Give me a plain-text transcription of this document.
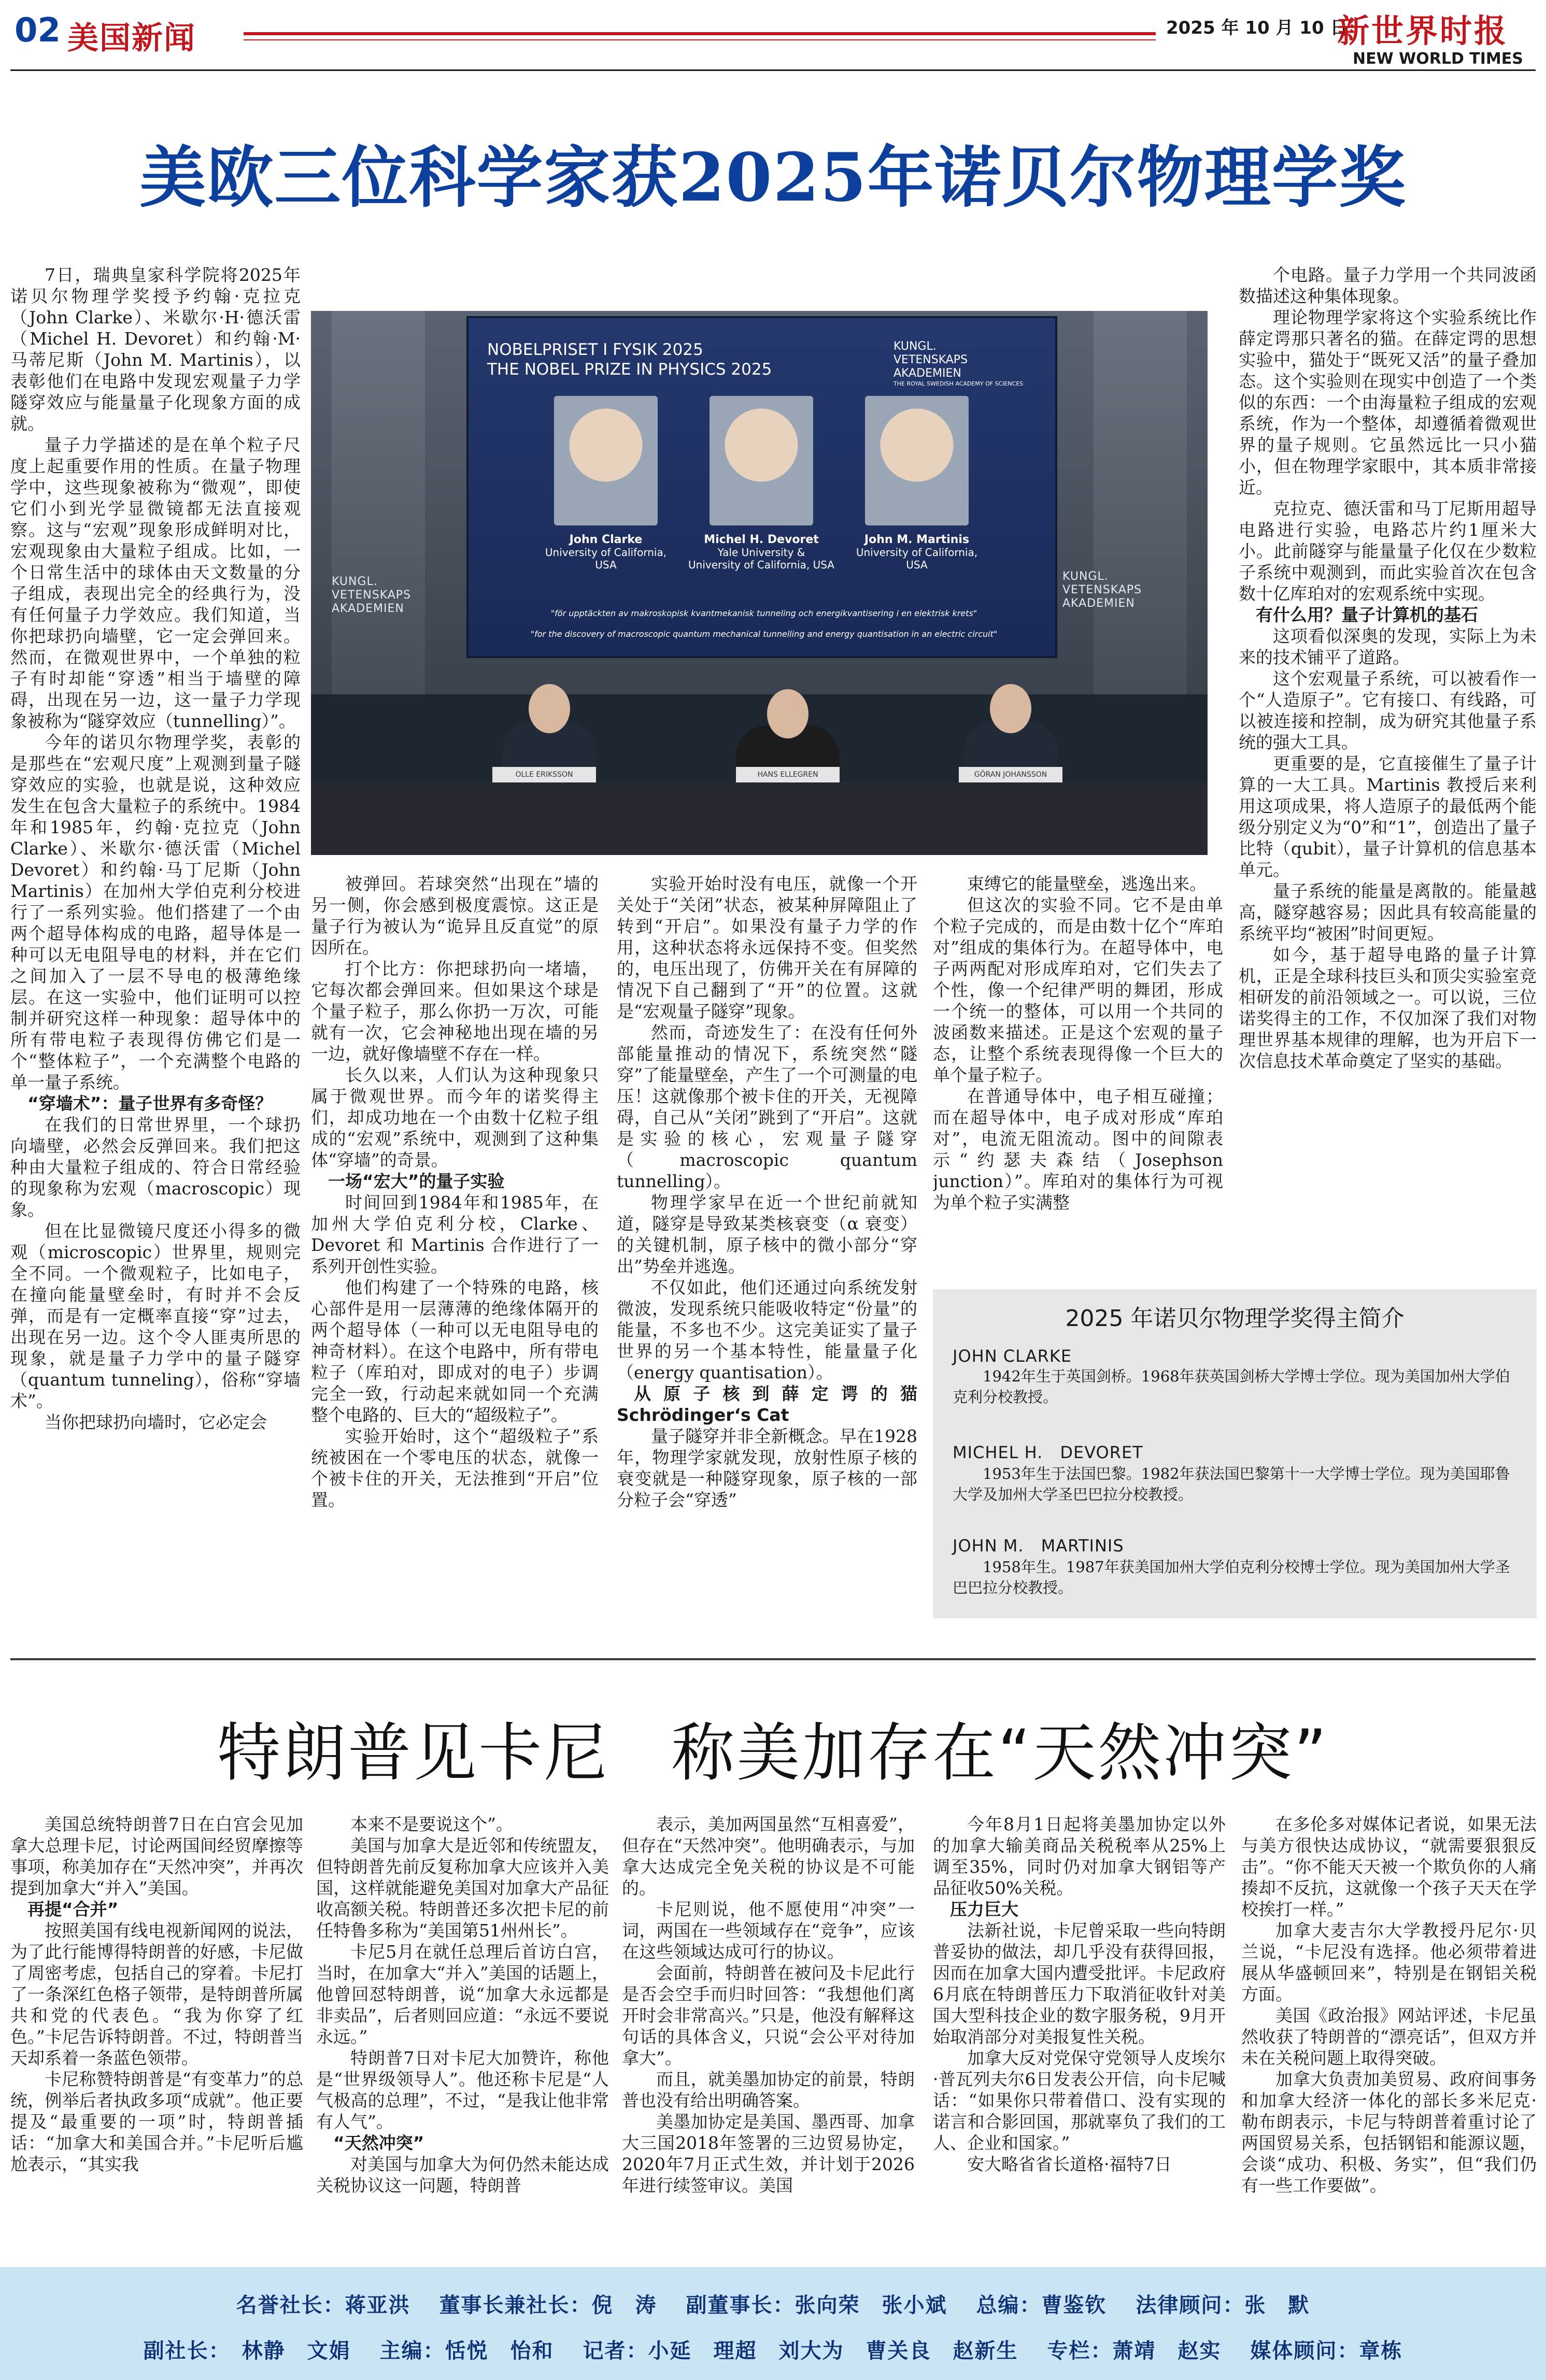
02 美国新闻	2025 年 10 月 10 日
新世界时报
NEW WORLD TIMES
美欧三位科学家获2025年诺贝尔物理学奖

7日，瑞典皇家科学院将2025年诺贝尔物理学奖授予约翰·克拉克（John Clarke）、米歇尔·H·德沃雷（Michel H. Devoret）和约翰·M·马蒂尼斯（John M. Martinis），以表彰他们在电路中发现宏观量子力学隧穿效应与能量量子化现象方面的成就。

量子力学描述的是在单个粒子尺度上起重要作用的性质。在量子物理学中，这些现象被称为“微观”，即使它们小到光学显微镜都无法直接观察。这与“宏观”现象形成鲜明对比，宏观现象由大量粒子组成。比如，一个日常生活中的球体由天文数量的分子组成，表现出完全的经典行为，没有任何量子力学效应。我们知道，当你把球扔向墙壁，它一定会弹回来。然而，在微观世界中，一个单独的粒子有时却能“穿透”相当于墙壁的障碍，出现在另一边，这一量子力学现象被称为“隧穿效应（tunnelling）”。

今年的诺贝尔物理学奖，表彰的是那些在“宏观尺度”上观测到量子隧穿效应的实验，也就是说，这种效应发生在包含大量粒子的系统中。1984年和1985年，约翰·克拉克（John Clarke）、米歇尔·德沃雷（Michel Devoret）和约翰·马丁尼斯（John Martinis）在加州大学伯克利分校进行了一系列实验。他们搭建了一个由两个超导体构成的电路，超导体是一种可以无电阻导电的材料，并在它们之间加入了一层不导电的极薄绝缘层。在这一实验中，他们证明可以控制并研究这样一种现象：超导体中的所有带电粒子表现得仿佛它们是一个“整体粒子”，一个充满整个电路的单一量子系统。

“穿墙术”：量子世界有多奇怪？

在我们的日常世界里，一个球扔向墙壁，必然会反弹回来。我们把这种由大量粒子组成的、符合日常经验的现象称为宏观（macroscopic）现象。

但在比显微镜尺度还小得多的微观（microscopic）世界里，规则完全不同。一个微观粒子，比如电子，在撞向能量壁垒时，有时并不会反弹，而是有一定概率直接“穿”过去，出现在另一边。这个令人匪夷所思的现象，就是量子力学中的量子隧穿（quantum tunneling），俗称“穿墙术”。

当你把球扔向墙时，它必定会

NOBELPRISET I FYSIK 2025
THE NOBEL PRIZE IN PHYSICS 2025
KUNGL.
VETENSKAPS
AKADEMIEN
THE ROYAL SWEDISH ACADEMY OF SCIENCES
John Clarke
University of California,
USA
Michel H. Devoret
Yale University &
University of California, USA
John M. Martinis
University of California,
USA
"för upptäckten av makroskopisk kvantmekanisk tunneling och energikvantisering i en elektrisk krets"
"for the discovery of macroscopic quantum mechanical tunnelling and energy quantisation in an electric circuit"
KUNGL.
VETENSKAPS
AKADEMIEN
KUNGL.
VETENSKAPS
AKADEMIEN
OLLE ERIKSSON	HANS ELLEGREN	GÖRAN JOHANSSON

被弹回。若球突然“出现在”墙的另一侧，你会感到极度震惊。这正是量子行为被认为“诡异且反直觉”的原因所在。

打个比方：你把球扔向一堵墙，它每次都会弹回来。但如果这个球是个量子粒子，那么你扔一万次，可能就有一次，它会神秘地出现在墙的另一边，就好像墙壁不存在一样。

长久以来，人们认为这种现象只属于微观世界。而今年的诺奖得主们，却成功地在一个由数十亿粒子组成的“宏观”系统中，观测到了这种集体“穿墙”的奇景。

一场“宏大”的量子实验

时间回到1984年和1985年，在加州大学伯克利分校，Clarke、Devoret 和 Martinis 合作进行了一系列开创性实验。

他们构建了一个特殊的电路，核心部件是用一层薄薄的绝缘体隔开的两个超导体（一种可以无电阻导电的神奇材料）。在这个电路中，所有带电粒子（库珀对，即成对的电子）步调完全一致，行动起来就如同一个充满整个电路的、巨大的“超级粒子”。

实验开始时，这个“超级粒子”系统被困在一个零电压的状态，就像一个被卡住的开关，无法推到“开启”位置。

实验开始时没有电压，就像一个开关处于“关闭”状态，被某种屏障阻止了转到“开启”。如果没有量子力学的作用，这种状态将永远保持不变。但奖然的，电压出现了，仿佛开关在有屏障的情况下自己翻到了“开”的位置。这就是“宏观量子隧穿”现象。

然而，奇迹发生了：在没有任何外部能量推动的情况下，系统突然“隧穿”了能量壁垒，产生了一个可测量的电压！这就像那个被卡住的开关，无视障碍，自己从“关闭”跳到了“开启”。这就是实验的核心，宏观量子隧穿（macroscopic quantum tunnelling）。

物理学家早在近一个世纪前就知道，隧穿是导致某类核衰变（α 衰变）的关键机制，原子核中的微小部分“穿出”势垒并逃逸。

不仅如此，他们还通过向系统发射微波，发现系统只能吸收特定“份量”的能量，不多也不少。这完美证实了量子世界的另一个基本特性，能量量子化（energy quantisation）。

从原子核到薛定谔的猫 Schrödinger‘s Cat

量子隧穿并非全新概念。早在1928年，物理学家就发现，放射性原子核的衰变就是一种隧穿现象，原子核的一部分粒子会“穿透”

束缚它的能量壁垒，逃逸出来。

但这次的实验不同。它不是由单个粒子完成的，而是由数十亿个“库珀对”组成的集体行为。在超导体中，电子两两配对形成库珀对，它们失去了个性，像一个纪律严明的舞团，形成一个统一的整体，可以用一个共同的波函数来描述。正是这个宏观的量子态，让整个系统表现得像一个巨大的单个量子粒子。

在普通导体中，电子相互碰撞；而在超导体中，电子成对形成“库珀对”，电流无阻流动。图中的间隙表示“约瑟夫森结（Josephson junction）”。库珀对的集体行为可视为单个粒子实满整

个电路。量子力学用一个共同波函数描述这种集体现象。

理论物理学家将这个实验系统比作薛定谔那只著名的猫。在薛定谔的思想实验中，猫处于“既死又活”的量子叠加态。这个实验则在现实中创造了一个类似的东西：一个由海量粒子组成的宏观系统，作为一个整体，却遵循着微观世界的量子规则。它虽然远比一只小猫小，但在物理学家眼中，其本质非常接近。

克拉克、德沃雷和马丁尼斯用超导电路进行实验，电路芯片约1厘米大小。此前隧穿与能量量子化仅在少数粒子系统中观测到，而此实验首次在包含数十亿库珀对的宏观系统中实现。

有什么用？量子计算机的基石

这项看似深奥的发现，实际上为未来的技术铺平了道路。

这个宏观量子系统，可以被看作一个“人造原子”。它有接口、有线路，可以被连接和控制，成为研究其他量子系统的强大工具。

更重要的是，它直接催生了量子计算的一大工具。Martinis 教授后来利用这项成果，将人造原子的最低两个能级分别定义为“0”和“1”，创造出了量子比特（qubit），量子计算机的信息基本单元。

量子系统的能量是离散的。能量越高，隧穿越容易；因此具有较高能量的系统平均“被困”时间更短。

如今，基于超导电路的量子计算机，正是全球科技巨头和顶尖实验室竞相研发的前沿领域之一。可以说，三位诺奖得主的工作，不仅加深了我们对物理世界基本规律的理解，也为开启下一次信息技术革命奠定了坚实的基础。

2025 年诺贝尔物理学奖得主简介
JOHN CLARKE
1942年生于英国剑桥。1968年获英国剑桥大学博士学位。现为美国加州大学伯克利分校教授。
MICHEL H.　DEVORET
1953年生于法国巴黎。1982年获法国巴黎第十一大学博士学位。现为美国耶鲁大学及加州大学圣巴巴拉分校教授。
JOHN M.　MARTINIS
1958年生。1987年获美国加州大学伯克利分校博士学位。现为美国加州大学圣巴巴拉分校教授。
特朗普见卡尼 称美加存在“天然冲突”

美国总统特朗普7日在白宫会见加拿大总理卡尼，讨论两国间经贸摩擦等事项，称美加存在“天然冲突”，并再次提到加拿大“并入”美国。

再提“合并”

按照美国有线电视新闻网的说法，为了此行能博得特朗普的好感，卡尼做了周密考虑，包括自己的穿着。卡尼打了一条深红色格子领带，是特朗普所属共和党的代表色。“我为你穿了红色。”卡尼告诉特朗普。不过，特朗普当天却系着一条蓝色领带。

卡尼称赞特朗普是“有变革力”的总统，例举后者执政多项“成就”。他正要提及“最重要的一项”时，特朗普插话：“加拿大和美国合并。”卡尼听后尴尬表示，“其实我

本来不是要说这个”。

美国与加拿大是近邻和传统盟友，但特朗普先前反复称加拿大应该并入美国，这样就能避免美国对加拿大产品征收高额关税。特朗普还多次把卡尼的前任特鲁多称为“美国第51州州长”。

卡尼5月在就任总理后首访白宫，当时，在加拿大“并入”美国的话题上，他曾回怼特朗普，说“加拿大永远都是非卖品”，后者则回应道：“永远不要说永远。”

特朗普7日对卡尼大加赞许，称他是“世界级领导人”。他还称卡尼是“人气极高的总理”，不过，“是我让他非常有人气”。

“天然冲突”

对美国与加拿大为何仍然未能达成关税协议这一问题，特朗普

表示，美加两国虽然“互相喜爱”，但存在“天然冲突”。他明确表示，与加拿大达成完全免关税的协议是不可能的。

卡尼则说，他不愿使用“冲突”一词，两国在一些领域存在“竞争”，应该在这些领域达成可行的协议。

会面前，特朗普在被问及卡尼此行是否会空手而归时回答：“我想他们离开时会非常高兴。”只是，他没有解释这句话的具体含义，只说“会公平对待加拿大”。

而且，就美墨加协定的前景，特朗普也没有给出明确答案。

美墨加协定是美国、墨西哥、加拿大三国2018年签署的三边贸易协定，2020年7月正式生效，并计划于2026年进行续签审议。美国

今年8月1日起将美墨加协定以外的加拿大输美商品关税税率从25%上调至35%，同时仍对加拿大钢铝等产品征收50%关税。

压力巨大

法新社说，卡尼曾采取一些向特朗普妥协的做法，却几乎没有获得回报，因而在加拿大国内遭受批评。卡尼政府6月底在特朗普压力下取消征收针对美国大型科技企业的数字服务税，9月开始取消部分对美报复性关税。

加拿大反对党保守党领导人皮埃尔·普瓦列夫尔6日发表公开信，向卡尼喊话：“如果你只带着借口、没有实现的诺言和合影回国，那就辜负了我们的工人、企业和国家。”

安大略省省长道格·福特7日

在多伦多对媒体记者说，如果无法与美方很快达成协议，“就需要狠狠反击”。“你不能天天被一个欺负你的人痛揍却不反抗，这就像一个孩子天天在学校挨打一样。”

加拿大麦吉尔大学教授丹尼尔·贝兰说，“卡尼没有选择。他必须带着进展从华盛顿回来”，特别是在钢铝关税方面。

美国《政治报》网站评述，卡尼虽然收获了特朗普的“漂亮话”，但双方并未在关税问题上取得突破。

加拿大负责加美贸易、政府间事务和加拿大经济一体化的部长多米尼克·勒布朗表示，卡尼与特朗普着重讨论了两国贸易关系，包括钢铝和能源议题，会谈“成功、积极、务实”，但“我们仍有一些工作要做”。

名誉社长：蒋亚洪 董事长兼社长：倪　涛 副董事长：张向荣　张小斌 总编：曹鉴钦 法律顾问：张　默
副社长：　林静　文娟 主编：恬悦　怡和 记者：小延　理超　刘大为　曹关良　赵新生 专栏：萧靖　赵实 媒体顾问：章栋
